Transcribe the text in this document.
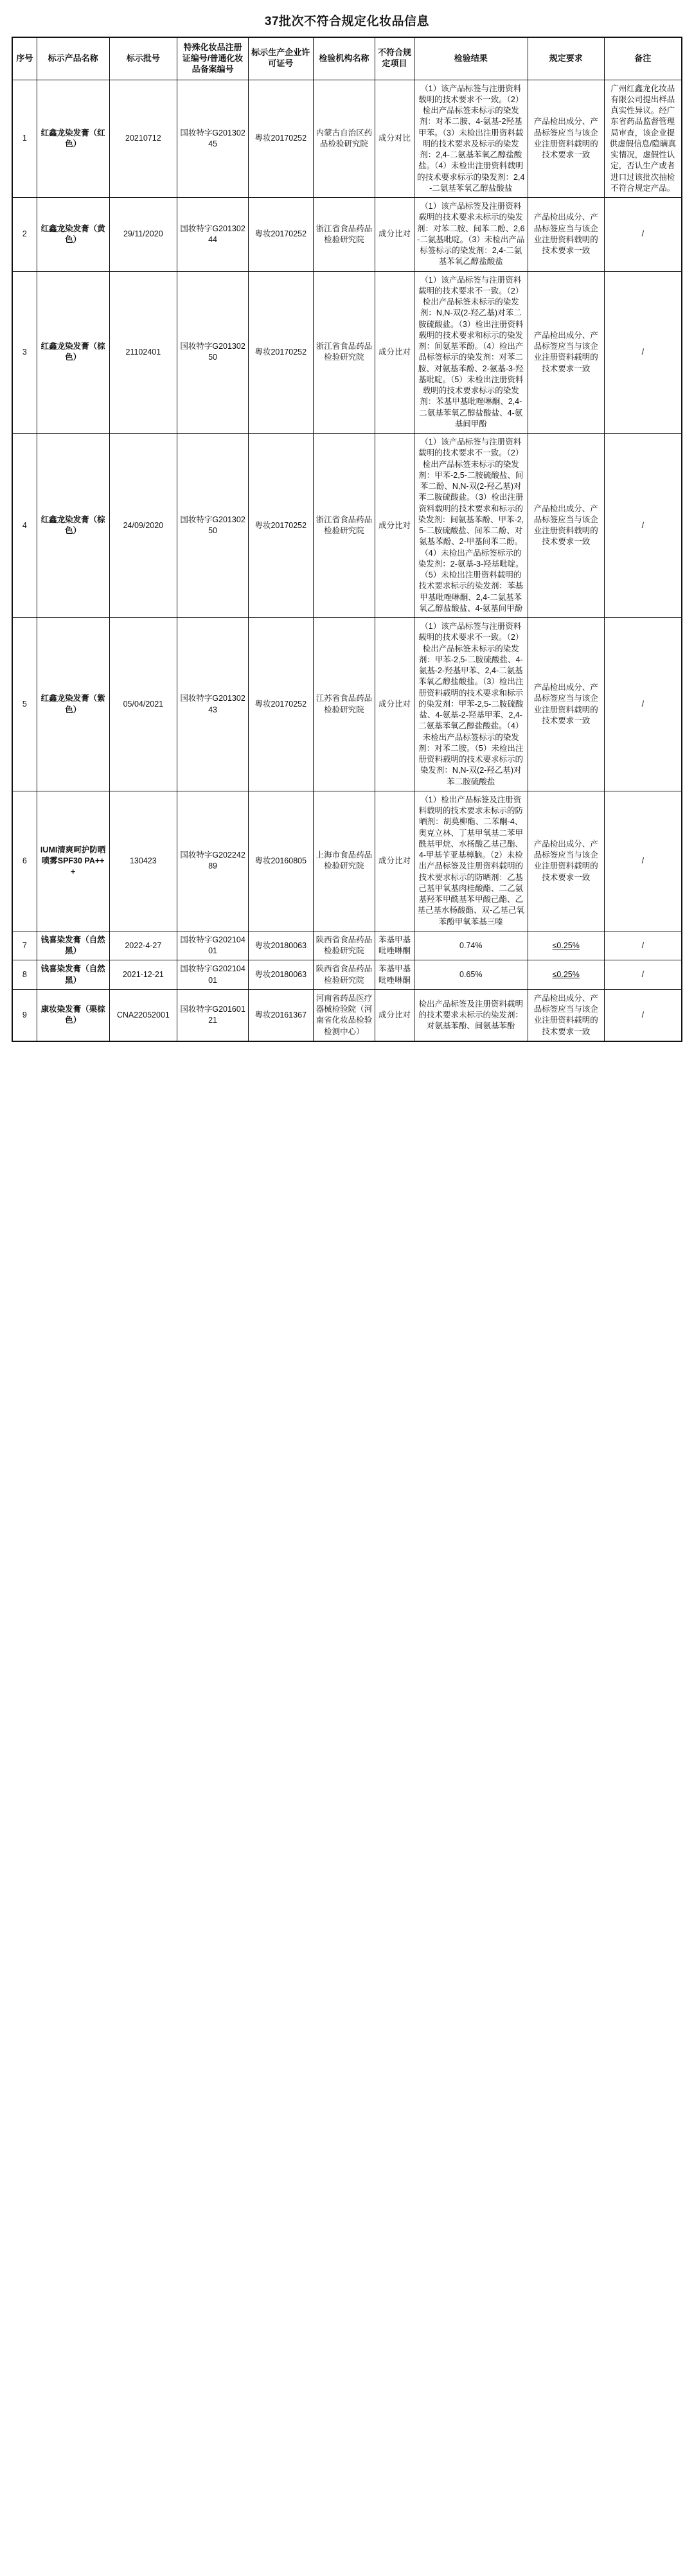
37批次不符合规定化妆品信息
序号	标示产品名称	标示批号	特殊化妆品注册证编号/普通化妆品备案编号	标示生产企业许可证号	检验机构名称	不符合规定项目	检验结果	规定要求	备注
1	红鑫龙染发膏（红色）	20210712	国妆特字G20130245	粤妆20170252	内蒙古自治区药品检验研究院	成分对比	（1）该产品标签与注册资料载明的技术要求不一致。（2）检出产品标签未标示的染发剂：对苯二胺、4-氨基-2羟基甲苯。（3）未检出注册资料载明的技术要求及标示的染发剂：2,4-二氨基苯氧乙醇盐酸盐。（4）未检出注册资料载明的技术要求标示的染发剂：2,4-二氨基苯氧乙醇盐酸盐	产品检出成分、产品标签应当与该企业注册资料载明的技术要求一致	广州红鑫龙化妆品有限公司提出样品真实性异议。经广东省药品监督管理局审查，该企业提供虚假信息/隐瞒真实情况，虚假性认定，否认生产或者进口过该批次抽检不符合规定产品。
2	红鑫龙染发膏（黄色）	29/11/2020	国妆特字G20130244	粤妆20170252	浙江省食品药品检验研究院	成分比对	（1）该产品标签及注册资料载明的技术要求未标示的染发剂：对苯二胺、间苯二酚、2,6-二氨基吡啶。（3）未检出产品标签标示的染发剂：2,4-二氨基苯氧乙醇盐酸盐	产品检出成分、产品标签应当与该企业注册资料载明的技术要求一致	/
3	红鑫龙染发膏（棕色）	21102401	国妆特字G20130250	粤妆20170252	浙江省食品药品检验研究院	成分比对	（1）该产品标签与注册资料载明的技术要求不一致。（2）检出产品标签未标示的染发剂：N,N-双(2-羟乙基)对苯二胺硫酸盐。（3）检出注册资料载明的技术要求和标示的染发剂：间氨基苯酚。（4）检出产品标签标示的染发剂：对苯二胺、对氨基苯酚、2-氨基-3-羟基吡啶。（5）未检出注册资料载明的技术要求标示的染发剂：苯基甲基吡唑啉酮、2,4-二氨基苯氧乙醇盐酸盐、4-氨基间甲酚	产品检出成分、产品标签应当与该企业注册资料载明的技术要求一致	/
4	红鑫龙染发膏（棕色）	24/09/2020	国妆特字G20130250	粤妆20170252	浙江省食品药品检验研究院	成分比对	（1）该产品标签与注册资料载明的技术要求不一致。（2）检出产品标签未标示的染发剂：甲苯-2,5-二胺硫酸盐、间苯二酚、N,N-双(2-羟乙基)对苯二胺硫酸盐。（3）检出注册资料载明的技术要求和标示的染发剂：间氨基苯酚、甲苯-2,5-二胺硫酸盐、间苯二酚、对氨基苯酚、2-甲基间苯二酚。（4）未检出产品标签标示的染发剂：2-氨基-3-羟基吡啶。（5）未检出注册资料载明的技术要求标示的染发剂：苯基甲基吡唑啉酮、2,4-二氨基苯氧乙醇盐酸盐、4-氨基间甲酚	产品检出成分、产品标签应当与该企业注册资料载明的技术要求一致	/
5	红鑫龙染发膏（紫色）	05/04/2021	国妆特字G20130243	粤妆20170252	江苏省食品药品检验研究院	成分比对	（1）该产品标签与注册资料载明的技术要求不一致。（2）检出产品标签未标示的染发剂：甲苯-2,5-二胺硫酸盐、4-氨基-2-羟基甲苯、2,4-二氨基苯氧乙醇盐酸盐。（3）检出注册资料载明的技术要求和标示的染发剂：甲苯-2,5-二胺硫酸盐、4-氨基-2-羟基甲苯、2,4-二氨基苯氧乙醇盐酸盐。（4）未检出产品标签标示的染发剂：对苯二胺。（5）未检出注册资料载明的技术要求标示的染发剂：N,N-双(2-羟乙基)对苯二胺硫酸盐	产品检出成分、产品标签应当与该企业注册资料载明的技术要求一致	/
6	IUMI清爽呵护防晒喷雾SPF30 PA+++	130423	国妆特字G20224289	粤妆20160805	上海市食品药品检验研究院	成分比对	（1）检出产品标签及注册资料载明的技术要求未标示的防晒剂：胡莫柳酯、二苯酮-4、奥克立林、丁基甲氧基二苯甲酰基甲烷、水杨酸乙基己酯、4-甲基苄亚基樟脑。（2）未检出产品标签及注册资料载明的技术要求标示的防晒剂：乙基己基甲氧基肉桂酸酯、二乙氨基羟苯甲酰基苯甲酸己酯、乙基己基水杨酸酯、双-乙基己氧苯酚甲氧苯基三嗪	产品检出成分、产品标签应当与该企业注册资料载明的技术要求一致	/
7	钱喜染发膏（自然黑）	2022-4-27	国妆特字G20210401	粤妆20180063	陕西省食品药品检验研究院	苯基甲基吡唑啉酮	0.74%	≤0.25%	/
8	钱喜染发膏（自然黑）	2021-12-21	国妆特字G20210401	粤妆20180063	陕西省食品药品检验研究院	苯基甲基吡唑啉酮	0.65%	≤0.25%	/
9	康妆染发膏（栗棕色）	CNA22052001	国妆特字G20160121	粤妆20161367	河南省药品医疗器械检验院（河南省化妆品检验检测中心）	成分比对	检出产品标签及注册资料载明的技术要求未标示的染发剂：对氨基苯酚、间氨基苯酚	产品检出成分、产品标签应当与该企业注册资料载明的技术要求一致	/
